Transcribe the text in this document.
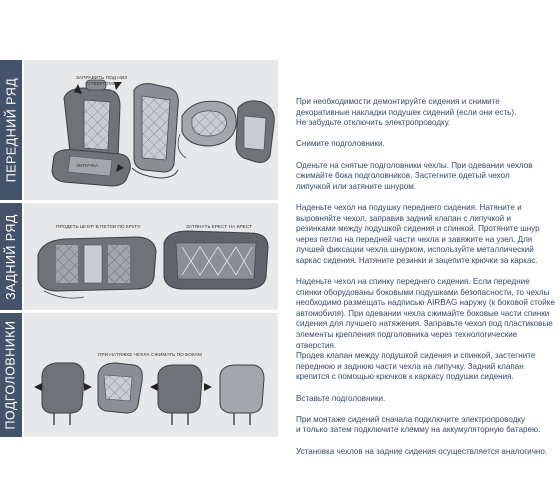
ПЕРЕДНИЙ РЯД	ЗАПРАВИТЬ ПОД НИЗ
ОТВЕРСТИЯ
ЛИПУЧКА
ЗАДНИЙ РЯД	ПРОДЕТЬ ШНУР В ПЕТЛИ ПО КРУГУ	ЗАТЯНУТЬ КРЕСТ НА КРЕСТ
ПОДГОЛОВНИКИ	ПРИ НАТЯЖКЕ ЧЕХЛА СЖИМАТЬ ПО БОКАМ

При необходимости демонтируйте сидения и снимите
декоративные накладки подушек сидений (если они есть).
Не забудьте отключить электропроводку.

Снимите подголовники.

Оденьте на снятые подголовники чехлы. При одевании чехлов
сжимайте бока подголовников. Застегните одетый чехол
липучкой или затяните шнуром.

Наденьте чехол на подушку переднего сидения. Натяните и
выровняйте чехол, заправив задний клапан с липучкой и
резинками между подушкой сидения и спинкой. Протяните шнур
через петлю на передней части чехла и завяжите на узел. Для
лучшей фиксации чехла шнурком, используйте металлический
каркас сидения. Натяните резинки и зацепите крючки за каркас.

Наденьте чехол на спинку переднего сидения. Если передние
спинки оборудованы боковыми подушками безопасности, то чехлы
необходимо размещать надписью AIRBAG наружу (к боковой стойке
автомобиля). При одевании чехла сжимайте боковые части спинки
сидения для лучшего натяжения. Заправьте чехол под пластиковые
элементы крепления подголовника через технологические отверстия.
Продев клапан между подушкой сидения и спинкой, застегните
переднюю и заднюю части чехла на липучку. Задний клапан
крепится с помощью крючков к каркасу подушки сидения.

Вставьте подголовники.

При монтаже сидений сначала подключите электропроводку
и только затем подключите клемму на аккумуляторную батарею.

Установка чехлов на задние сидения осуществляется аналогично.
